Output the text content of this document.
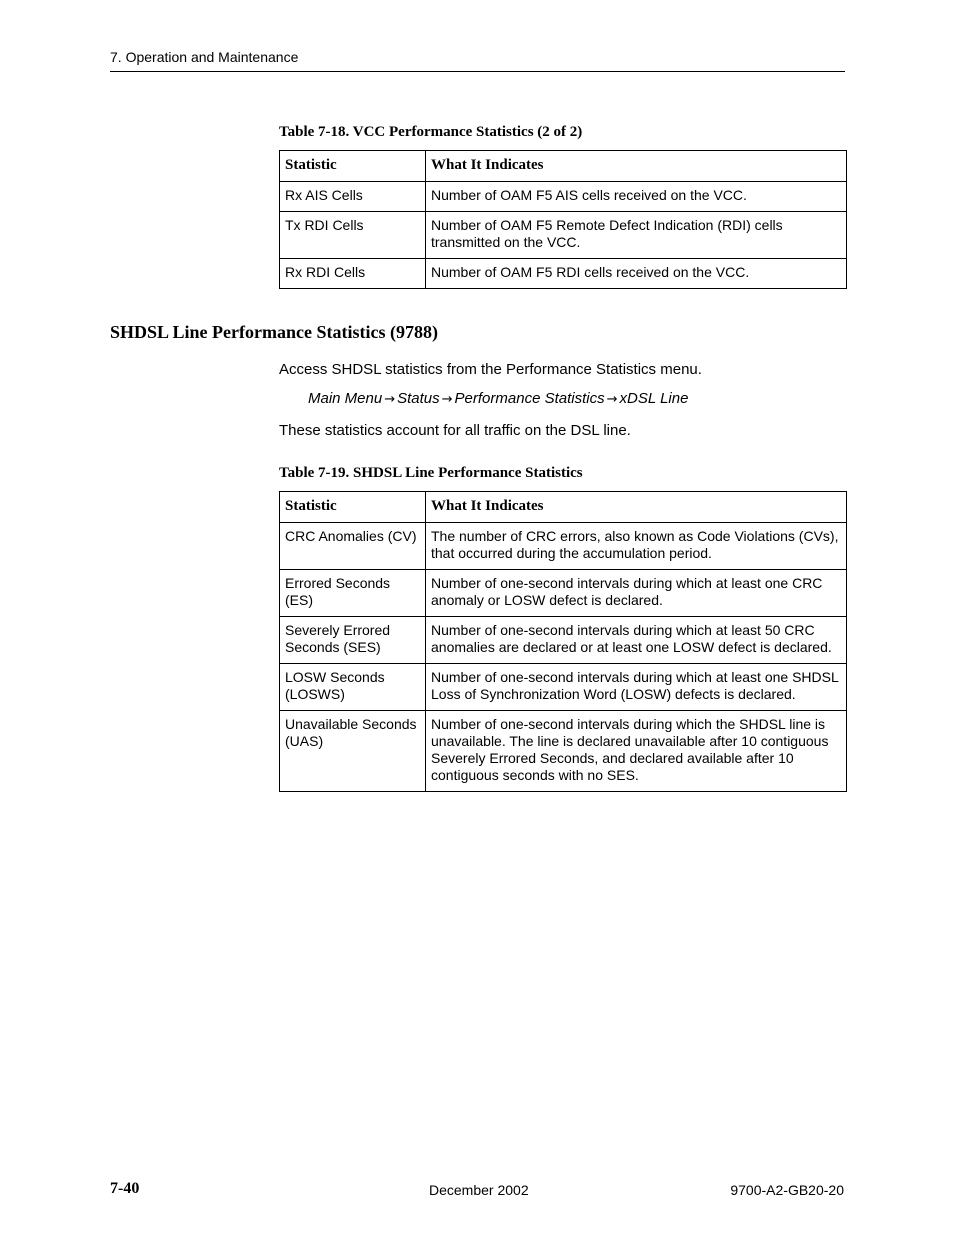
7. Operation and Maintenance
Table 7-18. VCC Performance Statistics (2 of 2)
Statistic	What It Indicates
Rx AIS Cells	Number of OAM F5 AIS cells received on the VCC.
Tx RDI Cells	Number of OAM F5 Remote Defect Indication (RDI) cells transmitted on the VCC.
Rx RDI Cells	Number of OAM F5 RDI cells received on the VCC.
SHDSL Line Performance Statistics (9788)
Access SHDSL statistics from the Performance Statistics menu.
Main Menu → Status → Performance Statistics → xDSL Line
These statistics account for all traffic on the DSL line.
Table 7-19. SHDSL Line Performance Statistics
Statistic	What It Indicates
CRC Anomalies (CV)	The number of CRC errors, also known as Code Violations (CVs), that occurred during the accumulation period.
Errored Seconds (ES)	Number of one-second intervals during which at least one CRC anomaly or LOSW defect is declared.
Severely Errored Seconds (SES)	Number of one-second intervals during which at least 50 CRC anomalies are declared or at least one LOSW defect is declared.
LOSW Seconds (LOSWS)	Number of one-second intervals during which at least one SHDSL Loss of Synchronization Word (LOSW) defects is declared.
Unavailable Seconds (UAS)	Number of one-second intervals during which the SHDSL line is unavailable. The line is declared unavailable after 10 contiguous Severely Errored Seconds, and declared available after 10 contiguous seconds with no SES.
7-40	December 2002	9700-A2-GB20-20
